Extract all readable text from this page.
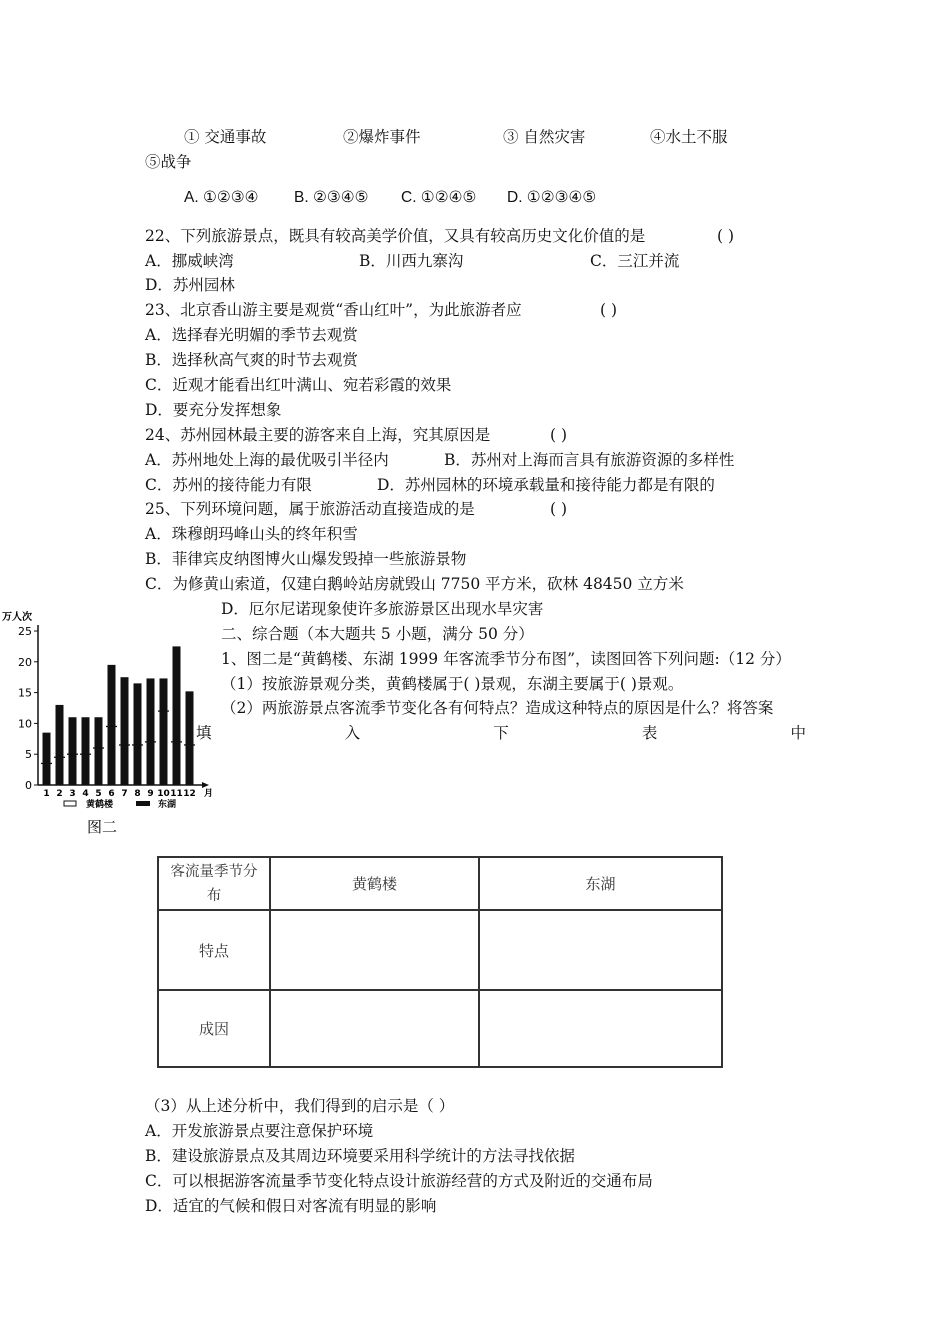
① 交通事故	②爆炸事件	③ 自然灾害	④水土不服
⑤战争
A. ①②③④ B. ②③④⑤ C. ①②④⑤ D. ①②③④⑤
22、下列旅游景点，既具有较高美学价值，又具有较高历史文化价值的是	( )
A．挪威峡湾	B．川西九寨沟	C．三江并流
D．苏州园林
23、北京香山游主要是观赏“香山红叶”，为此旅游者应	( )
A．选择春光明媚的季节去观赏
B．选择秋高气爽的时节去观赏
C．近观才能看出红叶满山、宛若彩霞的效果
D．要充分发挥想象
24、苏州园林最主要的游客来自上海，究其原因是	( )
A．苏州地处上海的最优吸引半径内	B．苏州对上海而言具有旅游资源的多样性
C．苏州的接待能力有限	D．苏州园林的环境承载量和接待能力都是有限的
25、下列环境问题，属于旅游活动直接造成的是	( )
A．珠穆朗玛峰山头的终年积雪
B．菲律宾皮纳图博火山爆发毁掉一些旅游景物
C．为修黄山索道，仅建白鹅岭站房就毁山 7750 平方米，砍林 48450 立方米
D．厄尔尼诺现象使许多旅游景区出现水旱灾害
二、综合题（本大题共 5 小题，满分 50 分）
1、图二是“黄鹤楼、东湖 1999 年客流季节分布图”，读图回答下列问题:（12 分）
（1）按旅游景观分类，黄鹤楼属于( )景观，东湖主要属于( )景观。
（2）两旅游景点客流季节变化各有何特点？造成这种特点的原因是什么？将答案
填	入	下	表	中
万人次
0
5
10
15
20
25
1 2 3 4 5 6 7 8 9 10 11 12 月
黄鹤楼	东湖
图二
客流量季节分布	黄鹤楼	东湖
特点		
成因		
（3）从上述分析中，我们得到的启示是（ ）
A．开发旅游景点要注意保护环境
B．建设旅游景点及其周边环境要采用科学统计的方法寻找依据
C．可以根据游客流量季节变化特点设计旅游经营的方式及附近的交通布局
D．适宜的气候和假日对客流有明显的影响
